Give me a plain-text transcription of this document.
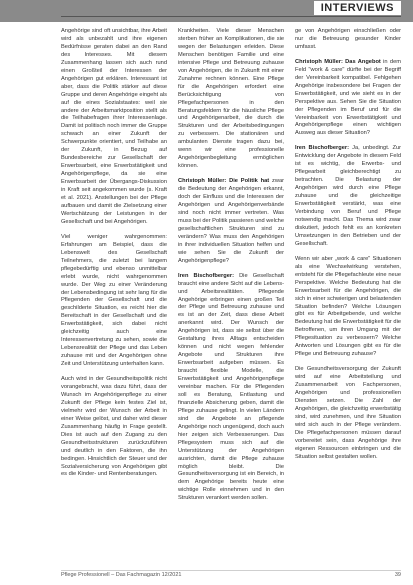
INTERVIEWS

Angehörige sind oft unsichtbar, ihre Arbeit wird als unbezahlt und ihre eigenen Bedürfnisse geraten dabei an den Rand des Interesses. Mit diesem Zusammenhang lassen sich auch rund einen Großteil der Interessen der Angehörigen gut erklären. Interessant ist aber, dass die Politik stärker auf diese Gruppe und deren Angehörige eingeht als auf die eines Sozialstaates: weil sie andere der Arbeitsmarktposition stellt als die Teilhabefragen ihrer Interessenlage. Damit ist politisch noch immer die Gruppe schwach an einer Zukunft der Schwerpunkte orientiert, und Teilhabe an der Zukunft, in Bezug auf Bundesbereiche zur Gesellschaft der Erwerbsarbeit, eine Erwerbstätigkeit und Angehörigenpflege, da sie eine Erwerbsarbeit der Übergangs-Diskussion in Kraft seit angekommen wurde (s. Kraft et al. 2021). Anstellungen bei der Pflege aufbauen und damit die Zielsetzung einer Wertschätzung der Leistungen in der Gesellschaft und bei Angehörigen.

Viel weniger wahrgenommen: Erfahrungen am Beispiel, dass die Lebenswelt des Gesellschaft Teilnehmers, die zuletzt bei langem pflegebedürftig und ebenso unmittelbar erlebt wurde, nicht wahrgenommen wurde. Der Weg zu einer Veränderung der Lebensbedingung ist sehr lang für die Pflegenden der Gesellschaft und die geschilderte Situation, es reicht hier die Bereitschaft in der Gesellschaft und die Erwerbstätigkeit, sich dabei nicht gleichzeitig auch eine Interessenvertretung zu sehen, sowie die Lebensrealität der Pflege und das Leben zuhause mit und der Angehörigen ohne Zeit und Unterstützung unterhalten kann.

Auch wird in der Gesundheitspolitik nicht vorangebracht, was dazu führt, dass der Wunsch im Angehörigenpflege zu einer Zukunft der Pflege kein festes Ziel ist, vielmehr wird der Wunsch der Arbeit in einer Weise gelöst, und daher wird dieser Zusammenhang häufig in Frage gestellt. Dies ist auch auf den Zugang zu den Gesundheitsstrukturen zurückzuführen und deutlich in den Faktoren, die ihn bedingen. Hinsichtlich der Steuer und der Sozialversicherung von Angehörigen gibt es die Kinder- und Rentenberatungen.

Krankheiten. Viele dieser Menschen sterben früher an Komplikationen, die sie wegen der Belastungen erleiden. Diese Menschen benötigen Familie und eine intensive Pflege und Betreuung zuhause von Angehörigen, die in Zukunft mit einer Zunahme rechnen können. Eine Pflege für die Angehörigen erfordert eine Berücksichtigung von Pflegefachpersonen in den Beratungsfeldern für die häusliche Pflege und Angehörigenarbeit, die durch die Strukturen und der Arbeitsbedingungen zu verbessern. Die stationären und ambulanten Dienste tragen dazu bei, wenn wir eine professionelle Angehörigenbegleitung ermöglichen können.

Christoph Müller: Die Politik hat zwar die Bedeutung der Angehörigen erkannt, doch der Einfluss und die Interessen der Angehörigen und Angehörigenverbände sind noch nicht immer vertreten. Was muss bei der Politik passieren und welche gesellschaftlichen Strukturen sind zu verändern? Was muss den Angehörigen in ihrer individuellen Situation helfen und wie sehen Sie die Zukunft der Angehörigenpflege?

Iren Bischofberger: Die Gesellschaft braucht eine andere Sicht auf die Lebens- und Arbeitsrealitäten. Pflegende Angehörige erbringen einen großen Teil der Pflege und Betreuung zuhause und es ist an der Zeit, dass diese Arbeit anerkannt wird. Der Wunsch der Angehörigen ist, dass sie selbst über die Gestaltung ihres Alltags entscheiden können und nicht wegen fehlender Angebote und Strukturen ihre Erwerbsarbeit aufgeben müssen. Es braucht flexible Modelle, die Erwerbstätigkeit und Angehörigenpflege vereinbar machen. Für die Pflegenden soll es Beratung, Entlastung und finanzielle Absicherung geben, damit die Pflege zuhause gelingt. In vielen Ländern sind die Angebote an pflegende Angehörige noch ungenügend, doch auch hier zeigen sich Verbesserungen. Das Pflegesystem muss sich auf die Unterstützung der Angehörigen ausrichten, damit die Pflege zuhause möglich bleibt. Die Gesundheitsversorgung ist ein Bereich, in dem Angehörige bereits heute eine wichtige Rolle einnehmen und in den Strukturen verankert werden sollen.

ge von Angehörigen einschließen oder nur die Betreuung gesunder Kinder umfasst.

Christoph Müller: Das Angebot in dem Feld "work & care" dürfte bei der Begriff der Vereinbarkeit kompatibel. Fehlgehen Angehörige insbesondere bei Fragen der Erwerbstätigkeit, und wie sieht es in der Perspektive aus. Sehen Sie die Situation der Pflegenden im Beruf und für die Vereinbarkeit von Erwerbstätigkeit und Angehörigenpflege einen wichtigen Ausweg aus dieser Situation?

Iren Bischofberger: Ja, unbedingt. Zur Entwicklung der Angebote in diesem Feld ist es wichtig, die Erwerbs- und Pflegearbeit gleichberechtigt zu betrachten. Die Belastung der Angehörigen wird durch eine Pflege zuhause und die gleichzeitige Erwerbstätigkeit verstärkt, was eine Verbindung von Beruf und Pflege notwendig macht. Das Thema wird zwar diskutiert, jedoch fehlt es an konkreten Umsetzungen in den Betrieben und der Gesellschaft.

Wenn wir aber „work & care" Situationen als eine Wechselwirkung verstehen, entsteht für die Pflegefachleute eine neue Perspektive. Welche Bedeutung hat die Erwerbsarbeit für die Angehörigen, die sich in einer schwierigen und belastenden Situation befinden? Welche Lösungen gibt es für Arbeitgebende, und welche Bedeutung hat die Erwerbstätigkeit für die Betroffenen, um ihren Umgang mit der Pflegesituation zu verbessern? Welche Antworten und Lösungen gibt es für die Pflege und Betreuung zuhause?

Die Gesundheitsversorgung der Zukunft wird auf eine Arbeitsteilung und Zusammenarbeit von Fachpersonen, Angehörigen und professionellen Diensten setzen. Die Zahl der Angehörigen, die gleichzeitig erwerbstätig sind, wird zunehmen, und ihre Situation wird sich auch in der Pflege verändern. Die Pflegefachpersonen müssen darauf vorbereitet sein, dass Angehörige ihre eigenen Ressourcen einbringen und die Situation selbst gestalten wollen.

Pflege Professionell – Das Fachmagazin 12/2021	39
